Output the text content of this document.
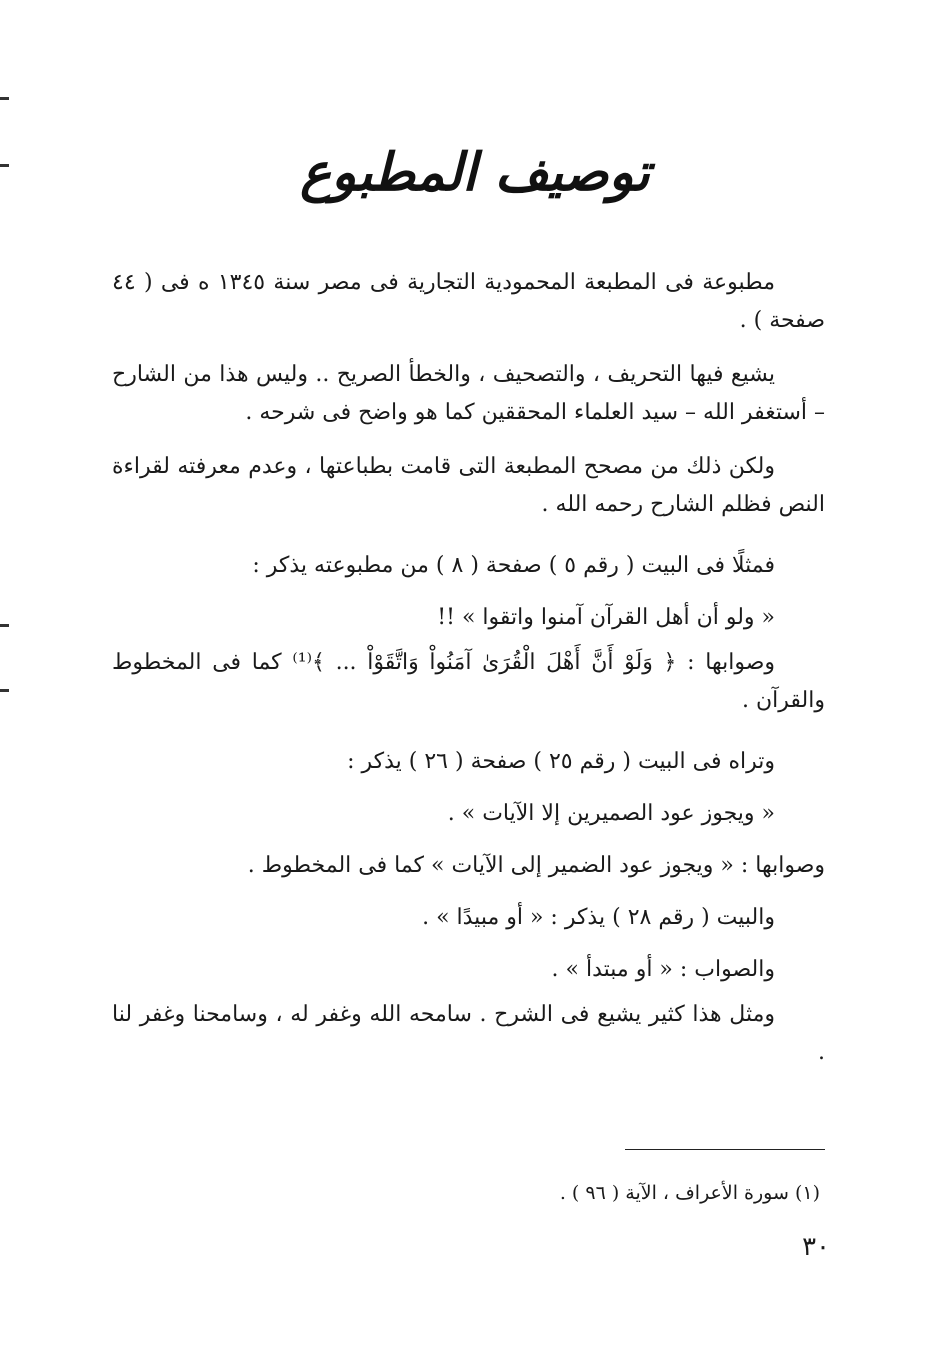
توصيف المطبوع

مطبوعة فى المطبعة المحمودية التجارية فى مصر سنة ١٣٤٥ ه فى ( ٤٤ صفحة ) .

يشيع فيها التحريف ، والتصحيف ، والخطأ الصريح .. وليس هذا من الشارح – أستغفر الله – سيد العلماء المحققين كما هو واضح فى شرحه .

ولكن ذلك من مصحح المطبعة التى قامت بطباعتها ، وعدم معرفته لقراءة النص فظلم الشارح رحمه الله .

فمثلًا فى البيت ( رقم ٥ ) صفحة ( ٨ ) من مطبوعته يذكر :
« ولو أن أهل القرآن آمنوا واتقوا » !!

وصوابها : ﴿ وَلَوْ أَنَّ أَهْلَ الْقُرَىٰ آمَنُواْ وَاتَّقَوْاْ ... ﴾⁽¹⁾ كما فى المخطوط والقرآن .

وتراه فى البيت ( رقم ٢٥ ) صفحة ( ٢٦ ) يذكر :
« ويجوز عود الصميرين إلا الآيات » .
وصوابها : « ويجوز عود الضمير إلى الآيات » كما فى المخطوط .
والبيت ( رقم ٢٨ ) يذكر : « أو مبيدًا » .
والصواب : « أو مبتدأ » .

ومثل هذا كثير يشيع فى الشرح . سامحه الله وغفر له ، وسامحنا وغفر لنا .

(١) سورة الأعراف ، الآية ( ٩٦ ) .
٣٠
